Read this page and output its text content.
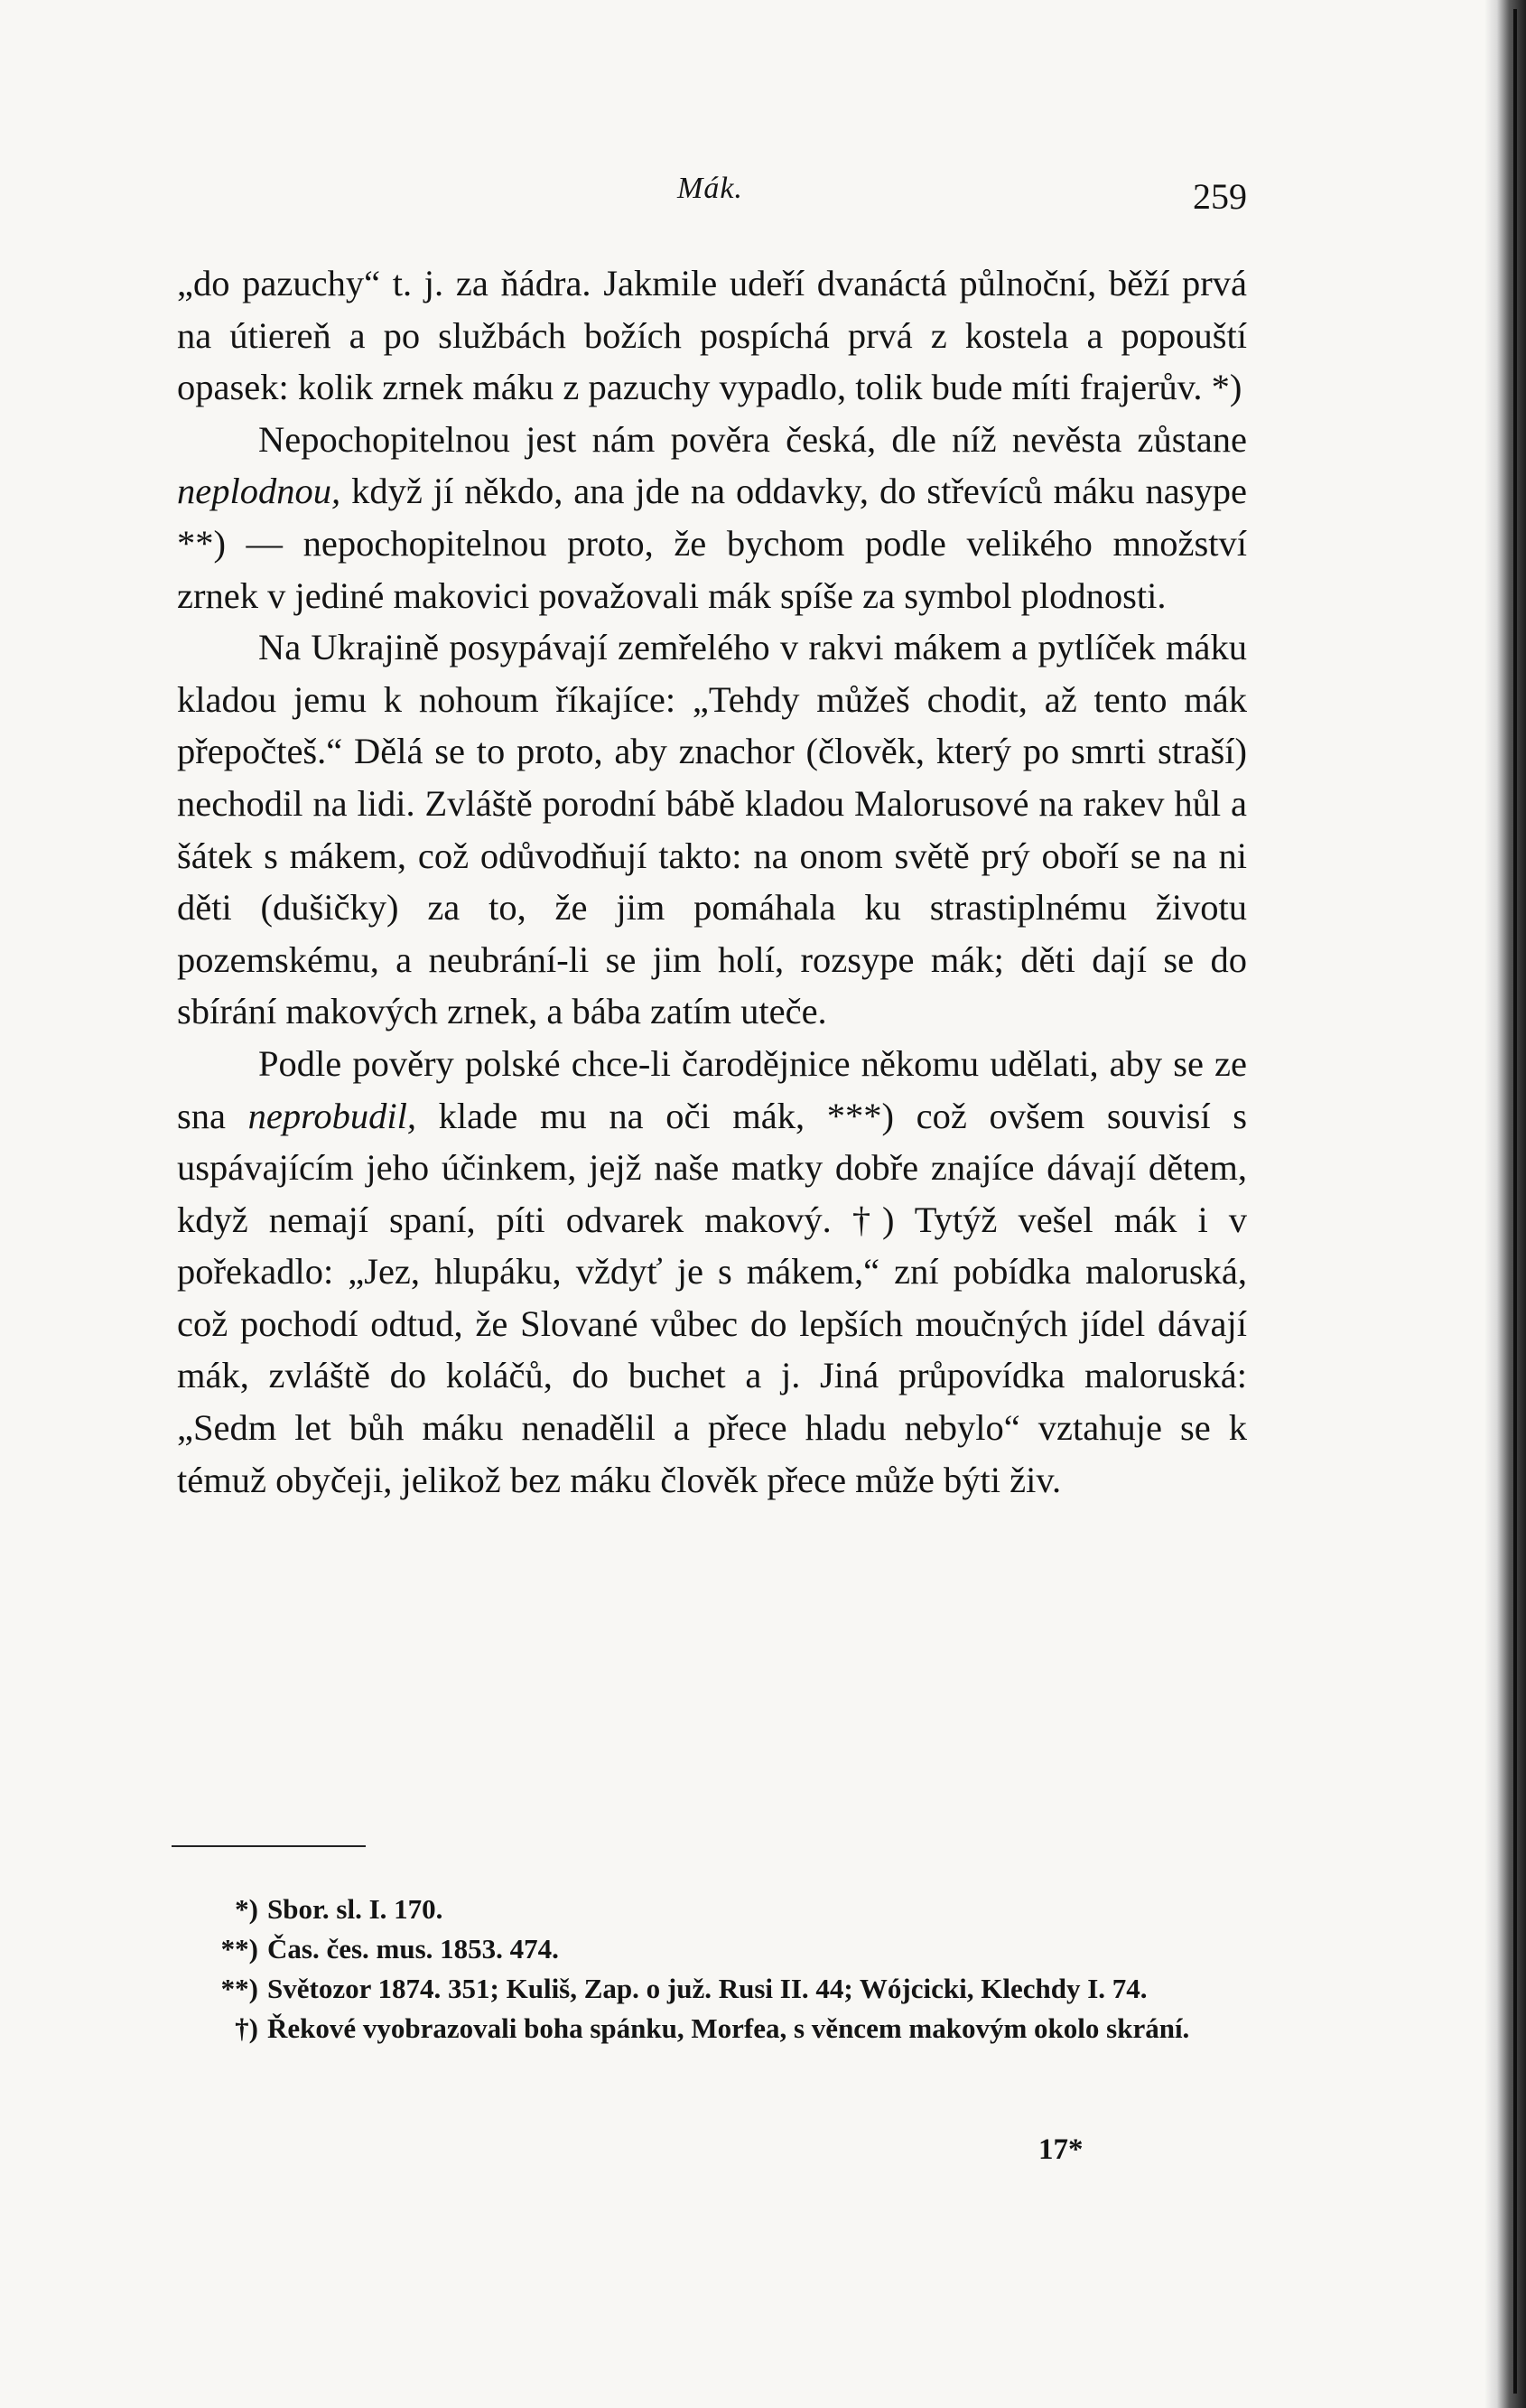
Mák.	259

„do pazuchy“ t. j. za ňádra. Jakmile udeří dvanáctá půlnoční, běží prvá na útiereň a po službách božích pospíchá prvá z kostela a popouští opasek: kolik zrnek máku z pazuchy vypadlo, tolik bude míti frajerův. *)

Nepochopitelnou jest nám pověra česká, dle níž nevěsta zůstane neplodnou, když jí někdo, ana jde na oddavky, do střevíců máku nasype **) — nepochopitelnou proto, že bychom podle velikého množství zrnek v jediné makovici považovali mák spíše za symbol plodnosti.

Na Ukrajině posypávají zemřelého v rakvi mákem a pytlíček máku kladou jemu k nohoum říkajíce: „Tehdy můžeš chodit, až tento mák přepočteš.“ Dělá se to proto, aby znachor (člověk, který po smrti straší) nechodil na lidi. Zvláště porodní bábě kladou Malorusové na rakev hůl a šátek s mákem, což odůvodňují takto: na onom světě prý oboří se na ni děti (dušičky) za to, že jim pomáhala ku strastiplnému životu pozemskému, a neubrání-li se jim holí, rozsype mák; děti dají se do sbírání makových zrnek, a bába zatím uteče.

Podle pověry polské chce-li čarodějnice někomu udělati, aby se ze sna neprobudil, klade mu na oči mák, ***) což ovšem souvisí s uspávajícím jeho účinkem, jejž naše matky dobře znajíce dávají dětem, když nemají spaní, píti odvarek makový. †) Tytýž vešel mák i v pořekadlo: „Jez, hlupáku, vždyť je s mákem,“ zní pobídka maloruská, což pochodí odtud, že Slované vůbec do lepších moučných jídel dávají mák, zvláště do koláčů, do buchet a j. Jiná průpovídka maloruská: „Sedm let bůh máku nenadělil a přece hladu nebylo“ vztahuje se k témuž obyčeji, jelikož bez máku člověk přece může býti živ.

*) Sbor. sl. I. 170.
**) Čas. čes. mus. 1853. 474.
**) Světozor 1874. 351; Kuliš, Zap. o juž. Rusi II. 44; Wójcicki, Klechdy I. 74.
†) Řekové vyobrazovali boha spánku, Morfea, s věncem makovým okolo skrání.
17*
